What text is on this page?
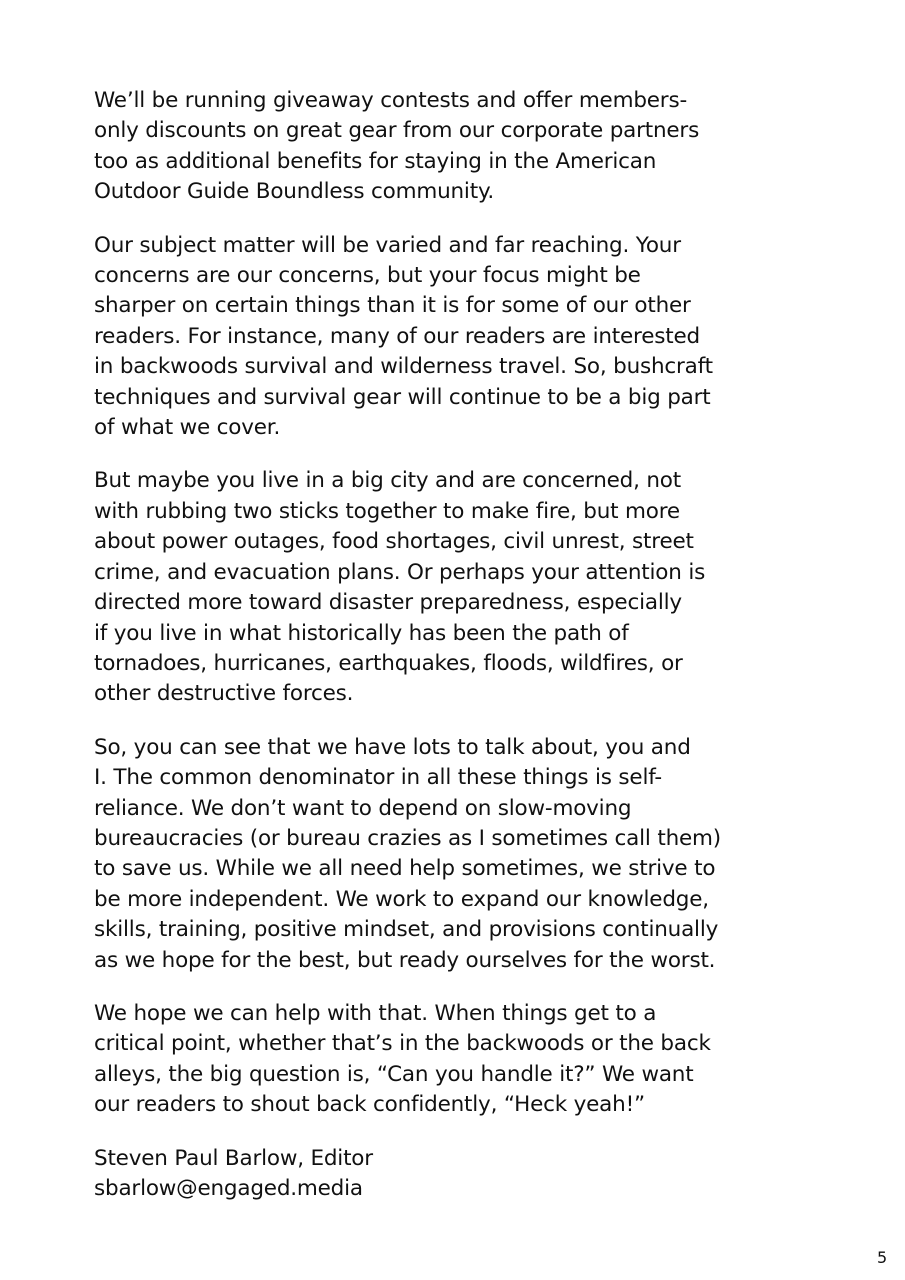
We’ll be running giveaway contests and offer members-
only discounts on great gear from our corporate partners
too as additional benefits for staying in the American
Outdoor Guide Boundless community.

Our subject matter will be varied and far reaching. Your
concerns are our concerns, but your focus might be
sharper on certain things than it is for some of our other
readers. For instance, many of our readers are interested
in backwoods survival and wilderness travel. So, bushcraft
techniques and survival gear will continue to be a big part
of what we cover.

But maybe you live in a big city and are concerned, not
with rubbing two sticks together to make fire, but more
about power outages, food shortages, civil unrest, street
crime, and evacuation plans. Or perhaps your attention is
directed more toward disaster preparedness, especially
if you live in what historically has been the path of
tornadoes, hurricanes, earthquakes, floods, wildfires, or
other destructive forces.

So, you can see that we have lots to talk about, you and
I. The common denominator in all these things is self-
reliance. We don’t want to depend on slow-moving
bureaucracies (or bureau crazies as I sometimes call them)
to save us. While we all need help sometimes, we strive to
be more independent. We work to expand our knowledge,
skills, training, positive mindset, and provisions continually
as we hope for the best, but ready ourselves for the worst.

We hope we can help with that. When things get to a
critical point, whether that’s in the backwoods or the back
alleys, the big question is, “Can you handle it?” We want
our readers to shout back confidently, “Heck yeah!”

Steven Paul Barlow, Editor
sbarlow@engaged.media

5
